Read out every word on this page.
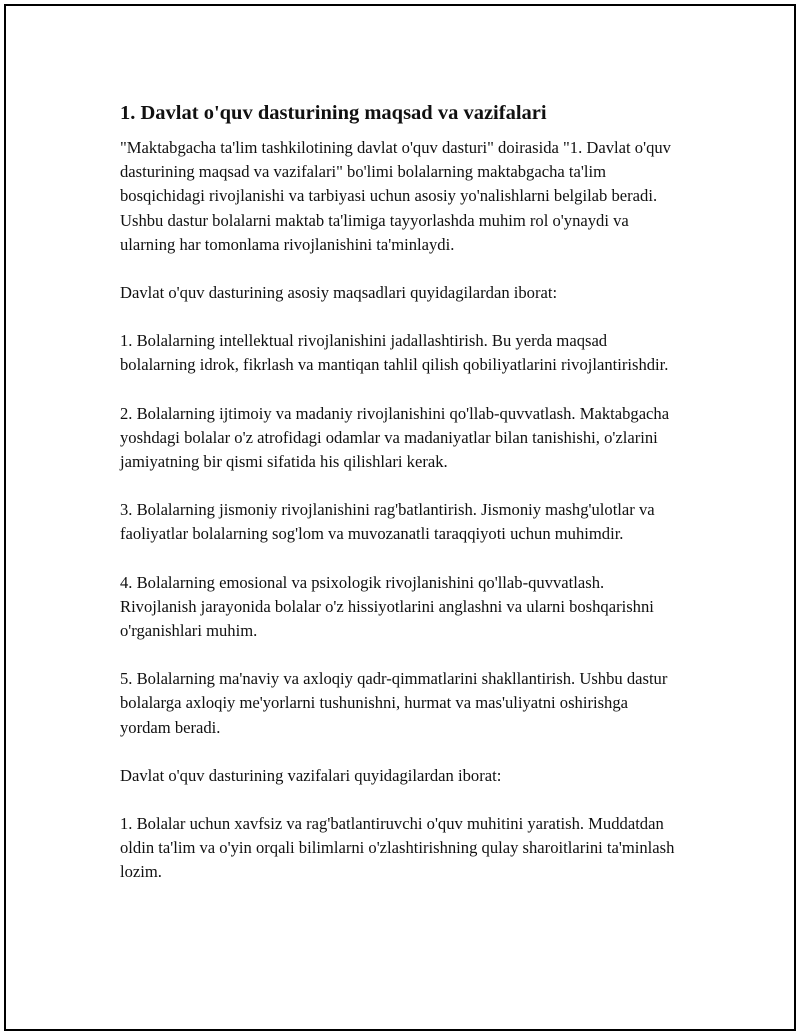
1. Davlat o'quv dasturining maqsad va vazifalari

"Maktabgacha ta'lim tashkilotining davlat o'quv dasturi" doirasida "1. Davlat o'quv dasturining maqsad va vazifalari" bo'limi bolalarning maktabgacha ta'lim bosqichidagi rivojlanishi va tarbiyasi uchun asosiy yo'nalishlarni belgilab beradi. Ushbu dastur bolalarni maktab ta'limiga tayyorlashda muhim rol o'ynaydi va ularning har tomonlama rivojlanishini ta'minlaydi.

Davlat o'quv dasturining asosiy maqsadlari quyidagilardan iborat:

1. Bolalarning intellektual rivojlanishini jadallashtirish. Bu yerda maqsad bolalarning idrok, fikrlash va mantiqan tahlil qilish qobiliyatlarini rivojlantirishdir.

2. Bolalarning ijtimoiy va madaniy rivojlanishini qo'llab-quvvatlash. Maktabgacha yoshdagi bolalar o'z atrofidagi odamlar va madaniyatlar bilan tanishishi, o'zlarini jamiyatning bir qismi sifatida his qilishlari kerak.

3. Bolalarning jismoniy rivojlanishini rag'batlantirish. Jismoniy mashg'ulotlar va faoliyatlar bolalarning sog'lom va muvozanatli taraqqiyoti uchun muhimdir.

4. Bolalarning emosional va psixologik rivojlanishini qo'llab-quvvatlash. Rivojlanish jarayonida bolalar o'z hissiyotlarini anglashni va ularni boshqarishni o'rganishlari muhim.

5. Bolalarning ma'naviy va axloqiy qadr-qimmatlarini shakllantirish. Ushbu dastur bolalarga axloqiy me'yorlarni tushunishni, hurmat va mas'uliyatni oshirishga yordam beradi.

Davlat o'quv dasturining vazifalari quyidagilardan iborat:

1. Bolalar uchun xavfsiz va rag'batlantiruvchi o'quv muhitini yaratish. Muddatdan oldin ta'lim va o'yin orqali bilimlarni o'zlashtirishning qulay sharoitlarini ta'minlash lozim.
